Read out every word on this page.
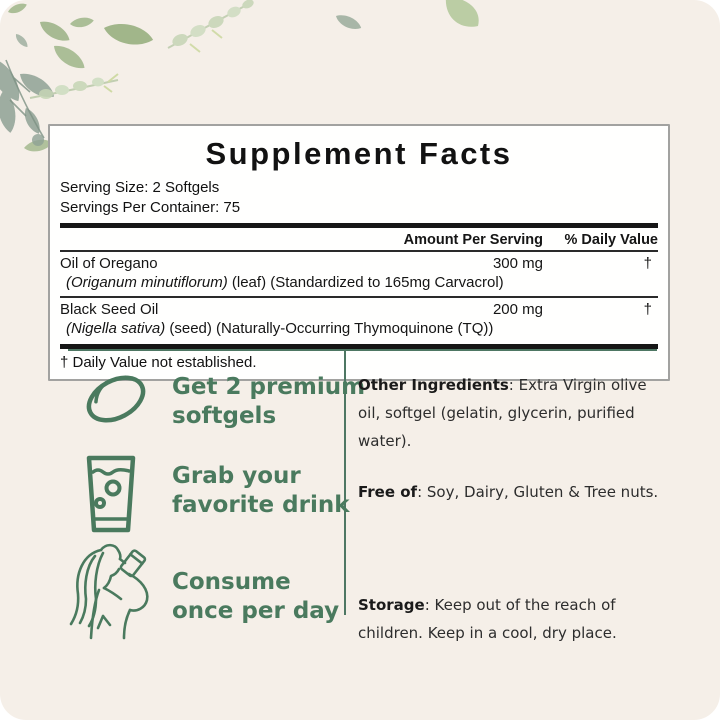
Supplement Facts
Serving Size: 2 Softgels
Servings Per Container: 75
Amount Per Serving % Daily Value
Oil of Oregano
(Origanum minutiflorum) (leaf) (Standardized to 165mg Carvacrol)
300 mg	†
Black Seed Oil
(Nigella sativa) (seed) (Naturally-Occurring Thymoquinone (TQ))
200 mg	†
† Daily Value not established.
Get 2 premium
softgels
Grab your
favorite drink
Consume
once per day
Other Ingredients: Extra Virgin olive oil, softgel (gelatin, glycerin, purified water).
Free of: Soy, Dairy, Gluten & Tree nuts.
Storage: Keep out of the reach of children. Keep in a cool, dry place.
